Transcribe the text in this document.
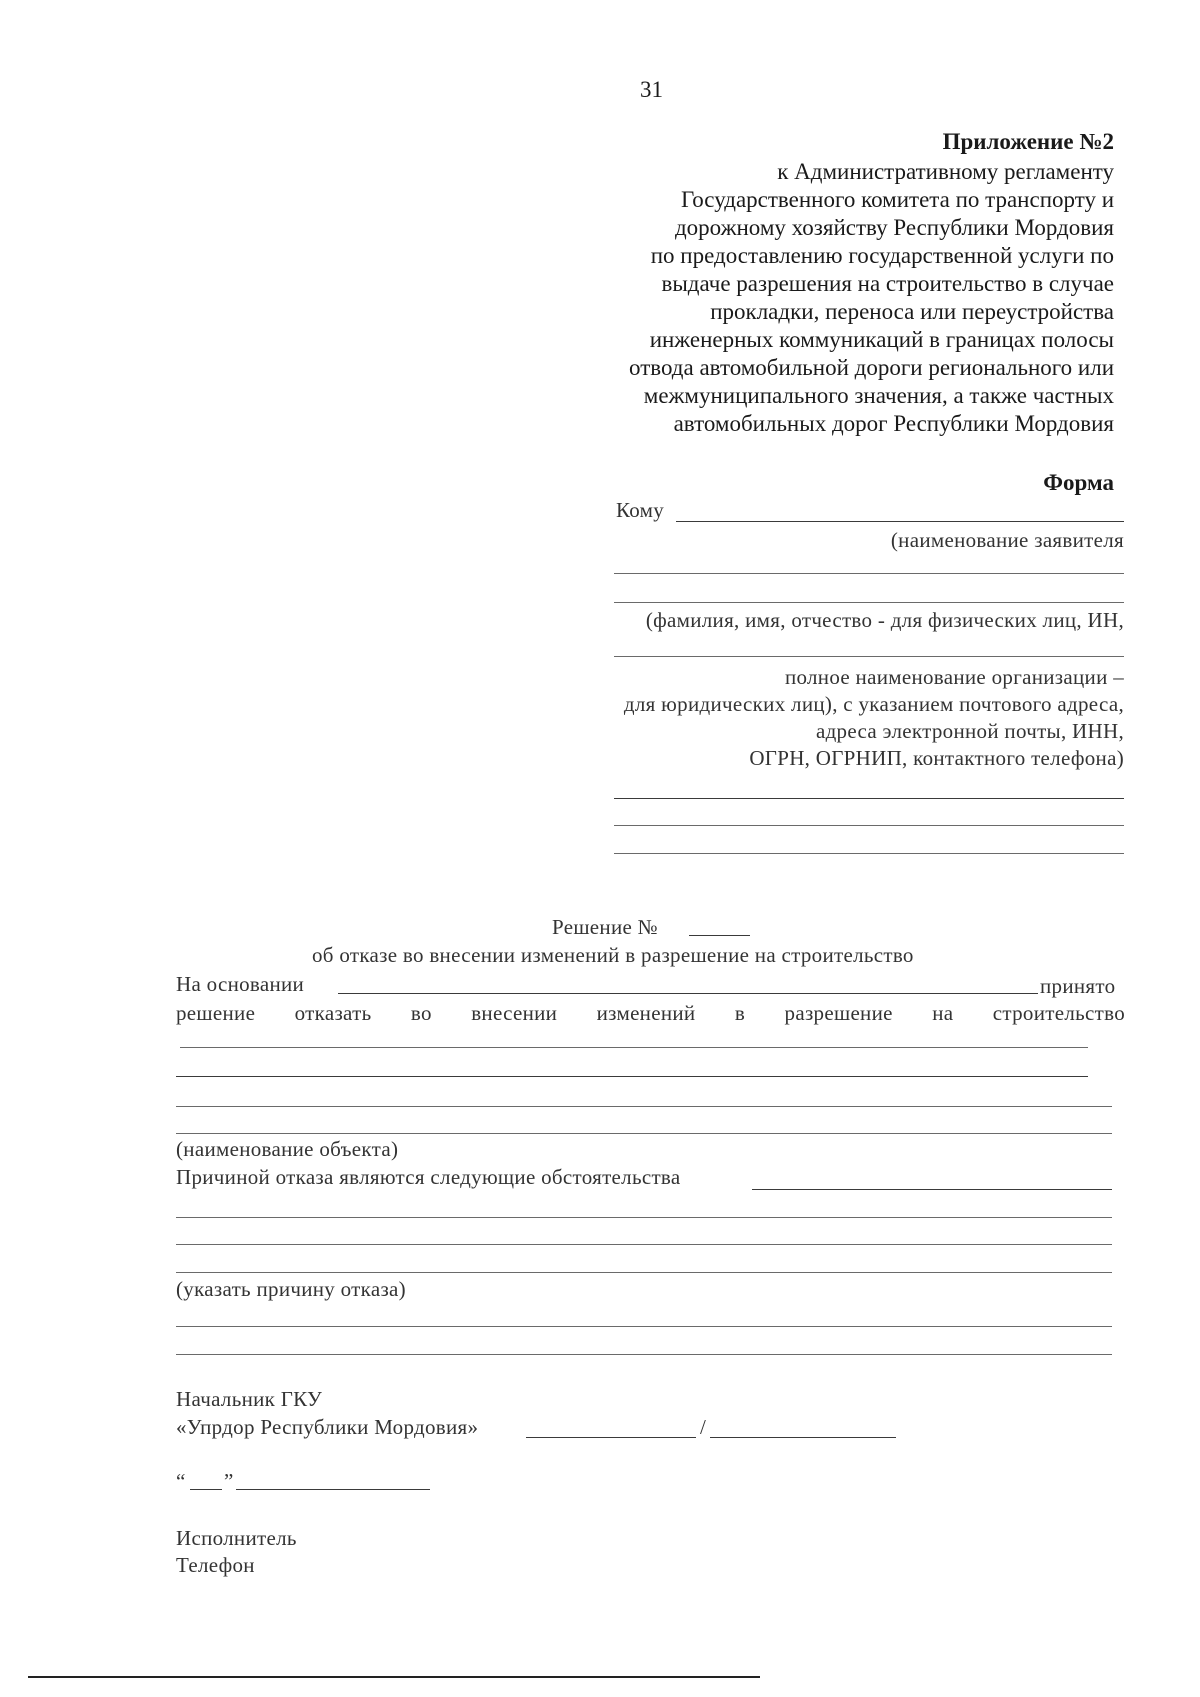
31
Приложение №2
к Административному регламенту
Государственного комитета по транспорту и
дорожному хозяйству Республики Мордовия
по предоставлению государственной услуги по
выдаче разрешения на строительство в случае
прокладки, переноса или переустройства
инженерных коммуникаций в границах полосы
отвода автомобильной дороги регионального или
межмуниципального значения, а также частных
автомобильных дорог Республики Мордовия
Форма
Кому
(наименование заявителя
(фамилия, имя, отчество - для физических лиц, ИН,
полное наименование организации –
для юридических лиц), с указанием почтового адреса,
адреса электронной почты, ИНН,
ОГРН, ОГРНИП, контактного телефона)
Решение №
об отказе во внесении изменений в разрешение на строительство
На основании	принято
решение отказать во внесении изменений в разрешение на строительство
(наименование объекта)
Причиной отказа являются следующие обстоятельства
(указать причину отказа)
Начальник ГКУ
«Упрдор Республики Мордовия»	/
“ ”
Исполнитель
Телефон
